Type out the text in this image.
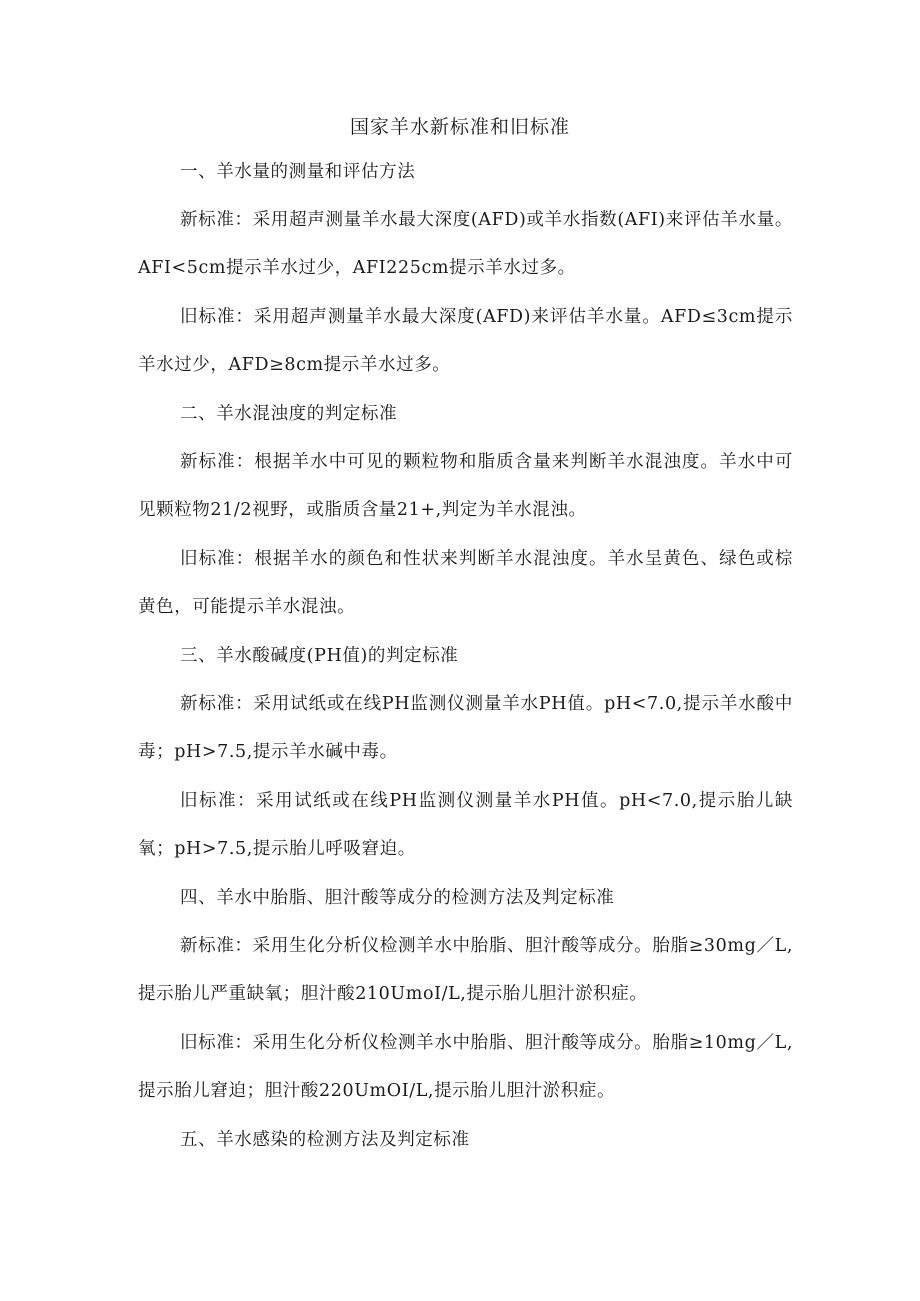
国家羊水新标准和旧标准
一、羊水量的测量和评估方法

新标准：采用超声测量羊水最大深度(AFD)或羊水指数(AFI)来评估羊水量。AFI<5cm提示羊水过少，AFI225cm提示羊水过多。

旧标准：采用超声测量羊水最大深度(AFD)来评估羊水量。AFD≤3cm提示羊水过少，AFD≥8cm提示羊水过多。

二、羊水混浊度的判定标准

新标准：根据羊水中可见的颗粒物和脂质含量来判断羊水混浊度。羊水中可见颗粒物21/2视野，或脂质含量21+,判定为羊水混浊。

旧标准：根据羊水的颜色和性状来判断羊水混浊度。羊水呈黄色、绿色或棕黄色，可能提示羊水混浊。

三、羊水酸碱度(PH值)的判定标准

新标准：采用试纸或在线PH监测仪测量羊水PH值。pH<7.0,提示羊水酸中毒；pH>7.5,提示羊水碱中毒。

旧标准：采用试纸或在线PH监测仪测量羊水PH值。pH<7.0,提示胎儿缺氧；pH>7.5,提示胎儿呼吸窘迫。

四、羊水中胎脂、胆汁酸等成分的检测方法及判定标准

新标准：采用生化分析仪检测羊水中胎脂、胆汁酸等成分。胎脂≥30mg／L,提示胎儿严重缺氧；胆汁酸210UmoI/L,提示胎儿胆汁淤积症。

旧标准：采用生化分析仪检测羊水中胎脂、胆汁酸等成分。胎脂≥10mg／L,提示胎儿窘迫；胆汁酸220UmOI/L,提示胎儿胆汁淤积症。

五、羊水感染的检测方法及判定标准
